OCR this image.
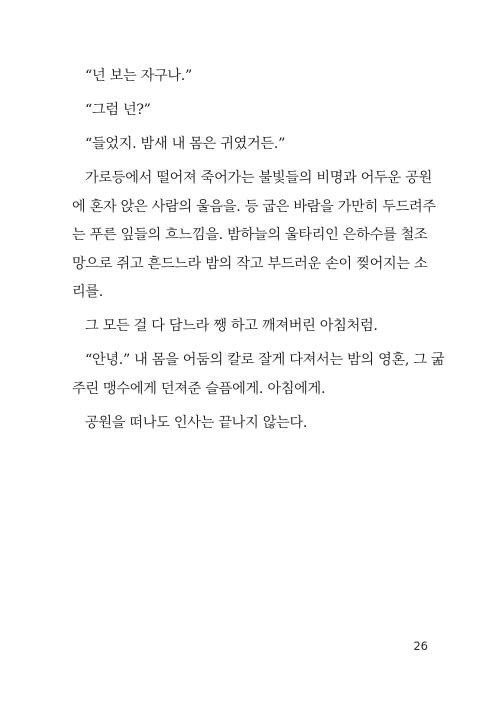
“넌 보는 자구나.”

“그럼 넌?”

“들었지. 밤새 내 몸은 귀였거든.”

가로등에서 떨어져 죽어가는 불빛들의 비명과 어두운 공원
에 혼자 앉은 사람의 울음을. 등 굽은 바람을 가만히 두드려주
는 푸른 잎들의 흐느낌을. 밤하늘의 울타리인 은하수를 철조
망으로 쥐고 흔드느라 밤의 작고 부드러운 손이 찢어지는 소
리를.

그 모든 걸 다 담느라 쨍 하고 깨져버린 아침처럼.

“안녕.” 내 몸을 어둠의 칼로 잘게 다져서는 밤의 영혼, 그 굶
주린 맹수에게 던져준 슬픔에게. 아침에게.

공원을 떠나도 인사는 끝나지 않는다.

26
